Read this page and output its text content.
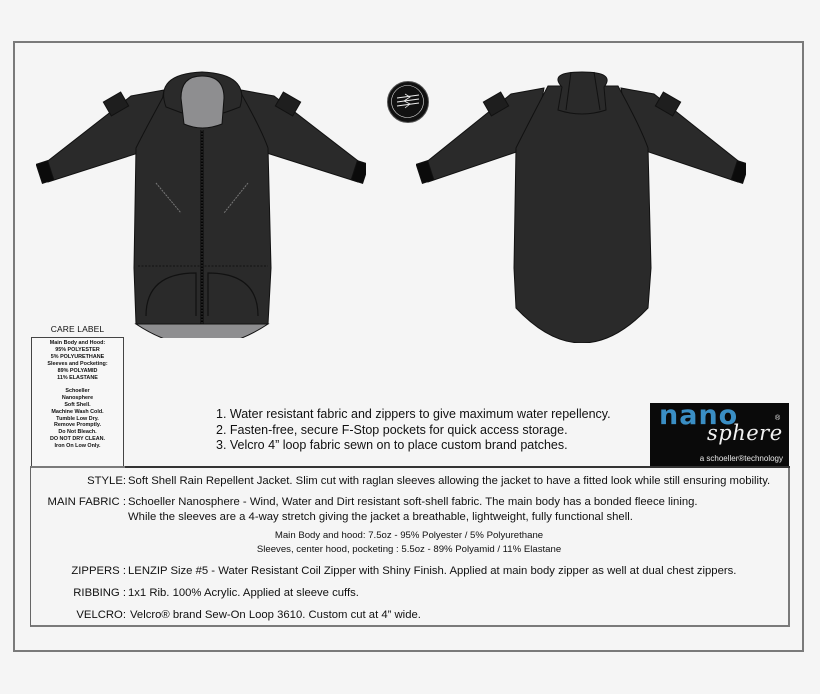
CARE LABEL
Main Body and Hood:
95% POLYESTER
5% POLYURETHANE
Sleeves and Pocketing:
89% POLYAMID
11% ELASTANE
Schoeller
Nanosphere
Soft Shell.
Machine Wash Cold.
Tumble Low Dry.
Remove Promptly.
Do Not Bleach.
DO NOT DRY CLEAN.
Iron On Low Only.
1. Water resistant fabric and zippers to give maximum water repellency.
2. Fasten-free, secure F-Stop pockets for quick access storage.
3. Velcro 4” loop fabric sewn on to place custom brand patches.
nano
sphere
®
a schoeller®technology
STYLE: Soft Shell Rain Repellent Jacket. Slim cut with raglan sleeves allowing the jacket to have a fitted look while still ensuring mobility.
MAIN FABRIC : Schoeller Nanosphere - Wind, Water and Dirt resistant soft-shell fabric. The main body has a bonded fleece lining.
While the sleeves are a 4-way stretch giving the jacket a breathable, lightweight, fully functional shell.
Main Body and hood: 7.5oz - 95% Polyester / 5% Polyurethane
Sleeves, center hood, pocketing : 5.5oz - 89% Polyamid / 11% Elastane
ZIPPERS : LENZIP Size #5 - Water Resistant Coil Zipper with Shiny Finish. Applied at main body zipper as well at dual chest zippers.
RIBBING : 1x1 Rib. 100% Acrylic. Applied at sleeve cuffs.
VELCRO: Velcro® brand Sew-On Loop 3610. Custom cut at 4” wide.
